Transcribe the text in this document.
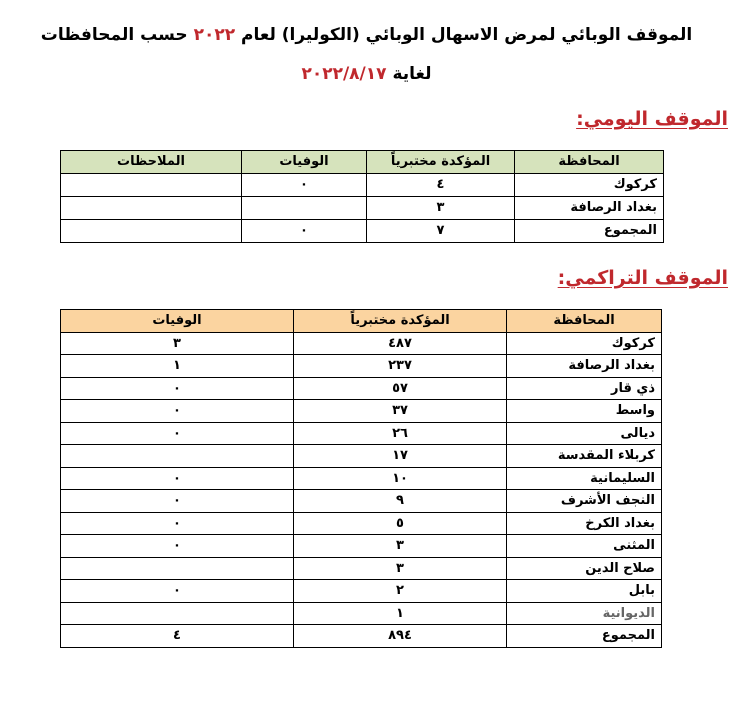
الموقف الوبائي لمرض الاسهال الوبائي (الكوليرا) لعام ٢٠٢٢ حسب المحافظات
لغاية ٢٠٢٢/٨/١٧
الموقف اليومي:
المحافظة	المؤكدة مختبرياً	الوفيات	الملاحظات
كركوك	٤	٠	
بغداد الرصافة	٣		
المجموع	٧	٠	
الموقف التراكمي:
المحافظة	المؤكدة مختبرياً	الوفيات
كركوك	٤٨٧	٣
بغداد الرصافة	٢٣٧	١
ذي قار	٥٧	٠
واسط	٣٧	٠
ديالى	٢٦	٠
كربلاء المقدسة	١٧	
السليمانية	١٠	٠
النجف الأشرف	٩	٠
بغداد الكرخ	٥	٠
المثنى	٣	٠
صلاح الدين	٣	
بابل	٢	٠
الديوانية	١	
المجموع	٨٩٤	٤
